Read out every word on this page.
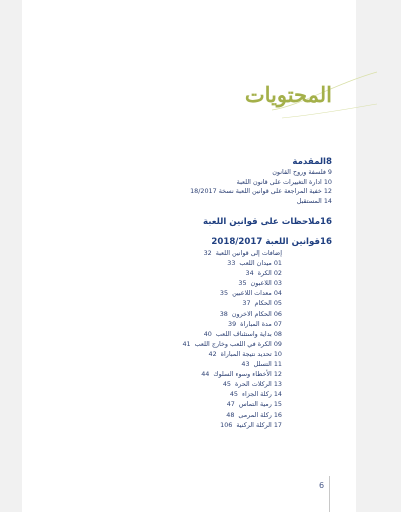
المحتويات
8المقدمة
9 فلسفة وروح القانون
10 ادارة التغييرات على قانون اللعبة
12 خفية المراجعة على قوانين اللعبة نسخة 18/2017
14 المستقبل
16ملاحظات على قوانين اللعبة
16قوانين اللعبة 2018/2017
إضافات إلى قوانين اللعبة
32
01 ميدان اللعب
33
02 الكرة
34
03 اللاعبون
35
04 معدات اللاعبين
35
05 الحكام
37
06 الحكام الاخرون
38
07 مدة المباراة
39
08 بداية واستئناف اللعب
40
09 الكرة في اللعب وخارج اللعب
41
10 تحديد نتيجة المباراة
42
11 التسلل
43
12 الأخطاء وسوء السلوك
44
13 الركلات الحرة
45
14 ركلة الجزاء
45
15 رمية التماس
47
16 ركلة المرمى
48
17 الركلة الركنية
106
6
